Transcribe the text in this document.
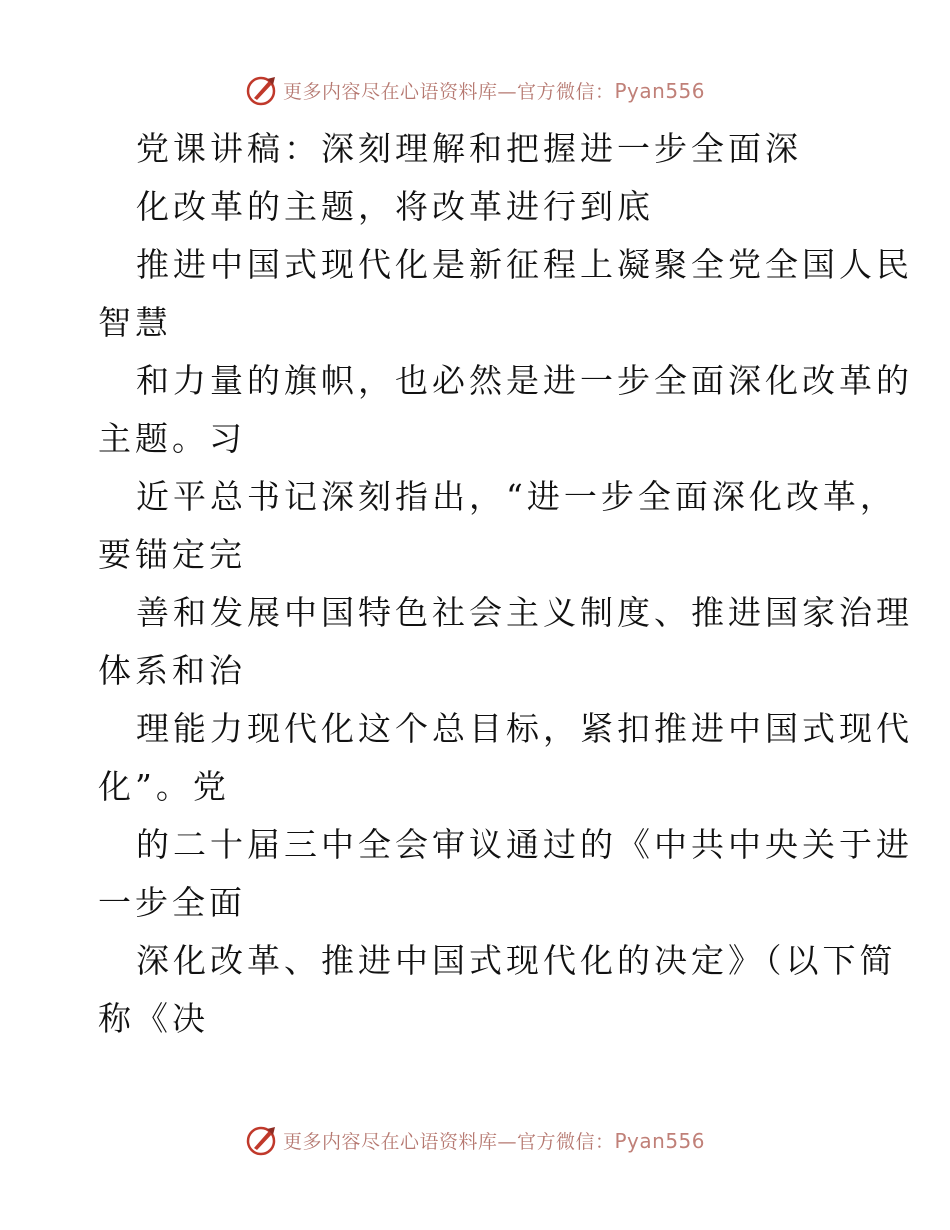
更多内容尽在心语资料库—官方微信：Pyan556
党课讲稿：深刻理解和把握进一步全面深
化改革的主题，将改革进行到底
推进中国式现代化是新征程上凝聚全党全国人民
智慧
和力量的旗帜，也必然是进一步全面深化改革的
主题。习
近平总书记深刻指出，“进一步全面深化改革，
要锚定完
善和发展中国特色社会主义制度、推进国家治理
体系和治
理能力现代化这个总目标，紧扣推进中国式现代
化”。党
的二十届三中全会审议通过的《中共中央关于进
一步全面
深化改革、推进中国式现代化的决定》（以下简
称《决
更多内容尽在心语资料库—官方微信：Pyan556
